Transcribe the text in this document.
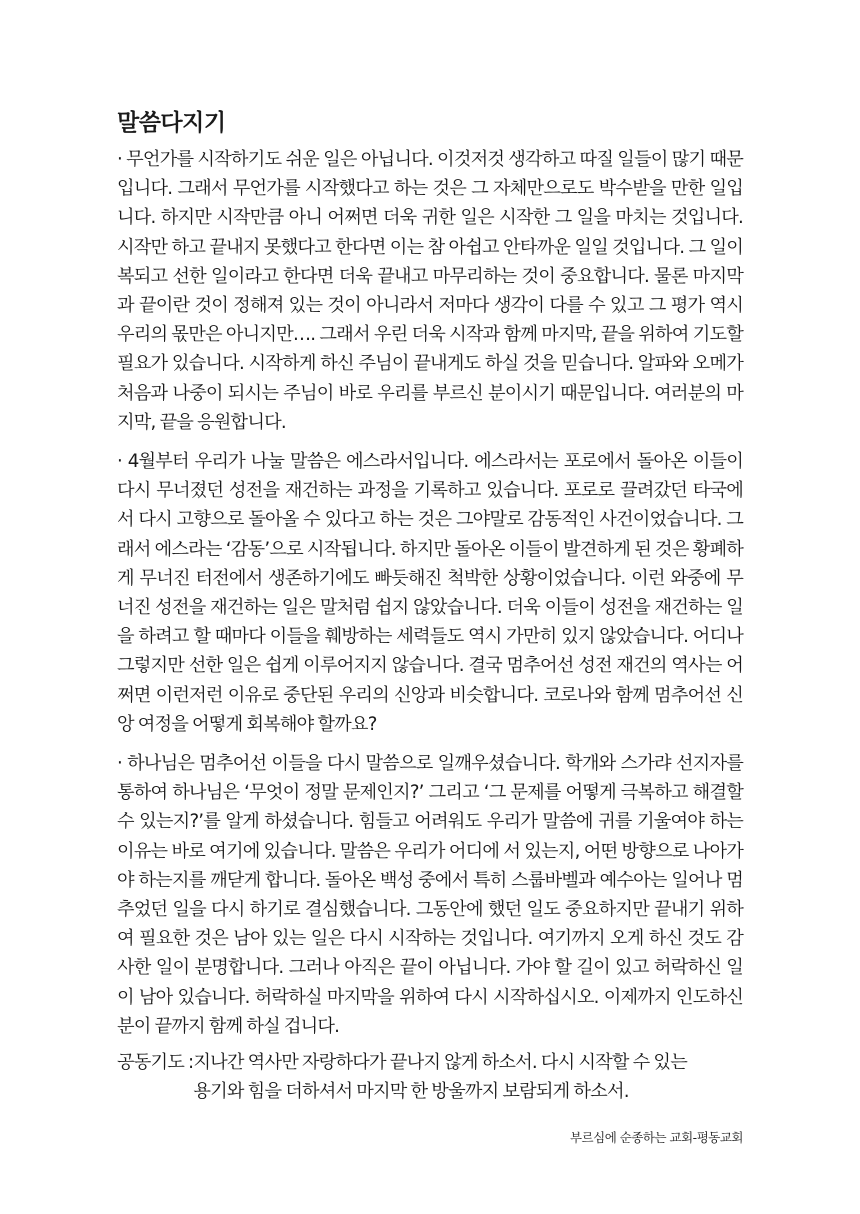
말씀다지기
· 무언가를 시작하기도 쉬운 일은 아닙니다. 이것저것 생각하고 따질 일들이 많기 때문입니다. 그래서 무언가를 시작했다고 하는 것은 그 자체만으로도 박수받을 만한 일입니다. 하지만 시작만큼 아니 어쩌면 더욱 귀한 일은 시작한 그 일을 마치는 것입니다. 시작만 하고 끝내지 못했다고 한다면 이는 참 아쉽고 안타까운 일일 것입니다. 그 일이 복되고 선한 일이라고 한다면 더욱 끝내고 마무리하는 것이 중요합니다. 물론 마지막과 끝이란 것이 정해져 있는 것이 아니라서 저마다 생각이 다를 수 있고 그 평가 역시 우리의 몫만은 아니지만…. 그래서 우린 더욱 시작과 함께 마지막, 끝을 위하여 기도할 필요가 있습니다. 시작하게 하신 주님이 끝내게도 하실 것을 믿습니다. 알파와 오메가 처음과 나중이 되시는 주님이 바로 우리를 부르신 분이시기 때문입니다. 여러분의 마지막, 끝을 응원합니다.
· 4월부터 우리가 나눌 말씀은 에스라서입니다. 에스라서는 포로에서 돌아온 이들이 다시 무너졌던 성전을 재건하는 과정을 기록하고 있습니다. 포로로 끌려갔던 타국에서 다시 고향으로 돌아올 수 있다고 하는 것은 그야말로 감동적인 사건이었습니다. 그래서 에스라는 ‘감동’으로 시작됩니다. 하지만 돌아온 이들이 발견하게 된 것은 황폐하게 무너진 터전에서 생존하기에도 빠듯해진 척박한 상황이었습니다. 이런 와중에 무너진 성전을 재건하는 일은 말처럼 쉽지 않았습니다. 더욱 이들이 성전을 재건하는 일을 하려고 할 때마다 이들을 훼방하는 세력들도 역시 가만히 있지 않았습니다. 어디나 그렇지만 선한 일은 쉽게 이루어지지 않습니다. 결국 멈추어선 성전 재건의 역사는 어쩌면 이런저런 이유로 중단된 우리의 신앙과 비슷합니다. 코로나와 함께 멈추어선 신앙 여정을 어떻게 회복해야 할까요?
· 하나님은 멈추어선 이들을 다시 말씀으로 일깨우셨습니다. 학개와 스가랴 선지자를 통하여 하나님은 ‘무엇이 정말 문제인지?’ 그리고 ‘그 문제를 어떻게 극복하고 해결할 수 있는지?’를 알게 하셨습니다. 힘들고 어려워도 우리가 말씀에 귀를 기울여야 하는 이유는 바로 여기에 있습니다. 말씀은 우리가 어디에 서 있는지, 어떤 방향으로 나아가야 하는지를 깨닫게 합니다. 돌아온 백성 중에서 특히 스룹바벨과 예수아는 일어나 멈추었던 일을 다시 하기로 결심했습니다. 그동안에 했던 일도 중요하지만 끝내기 위하여 필요한 것은 남아 있는 일은 다시 시작하는 것입니다. 여기까지 오게 하신 것도 감사한 일이 분명합니다. 그러나 아직은 끝이 아닙니다. 가야 할 길이 있고 허락하신 일이 남아 있습니다. 허락하실 마지막을 위하여 다시 시작하십시오. 이제까지 인도하신 분이 끝까지 함께 하실 겁니다.
공동기도 : 지나간 역사만 자랑하다가 끝나지 않게 하소서. 다시 시작할 수 있는
용기와 힘을 더하셔서 마지막 한 방울까지 보람되게 하소서.
부르심에 순종하는 교회-평동교회
